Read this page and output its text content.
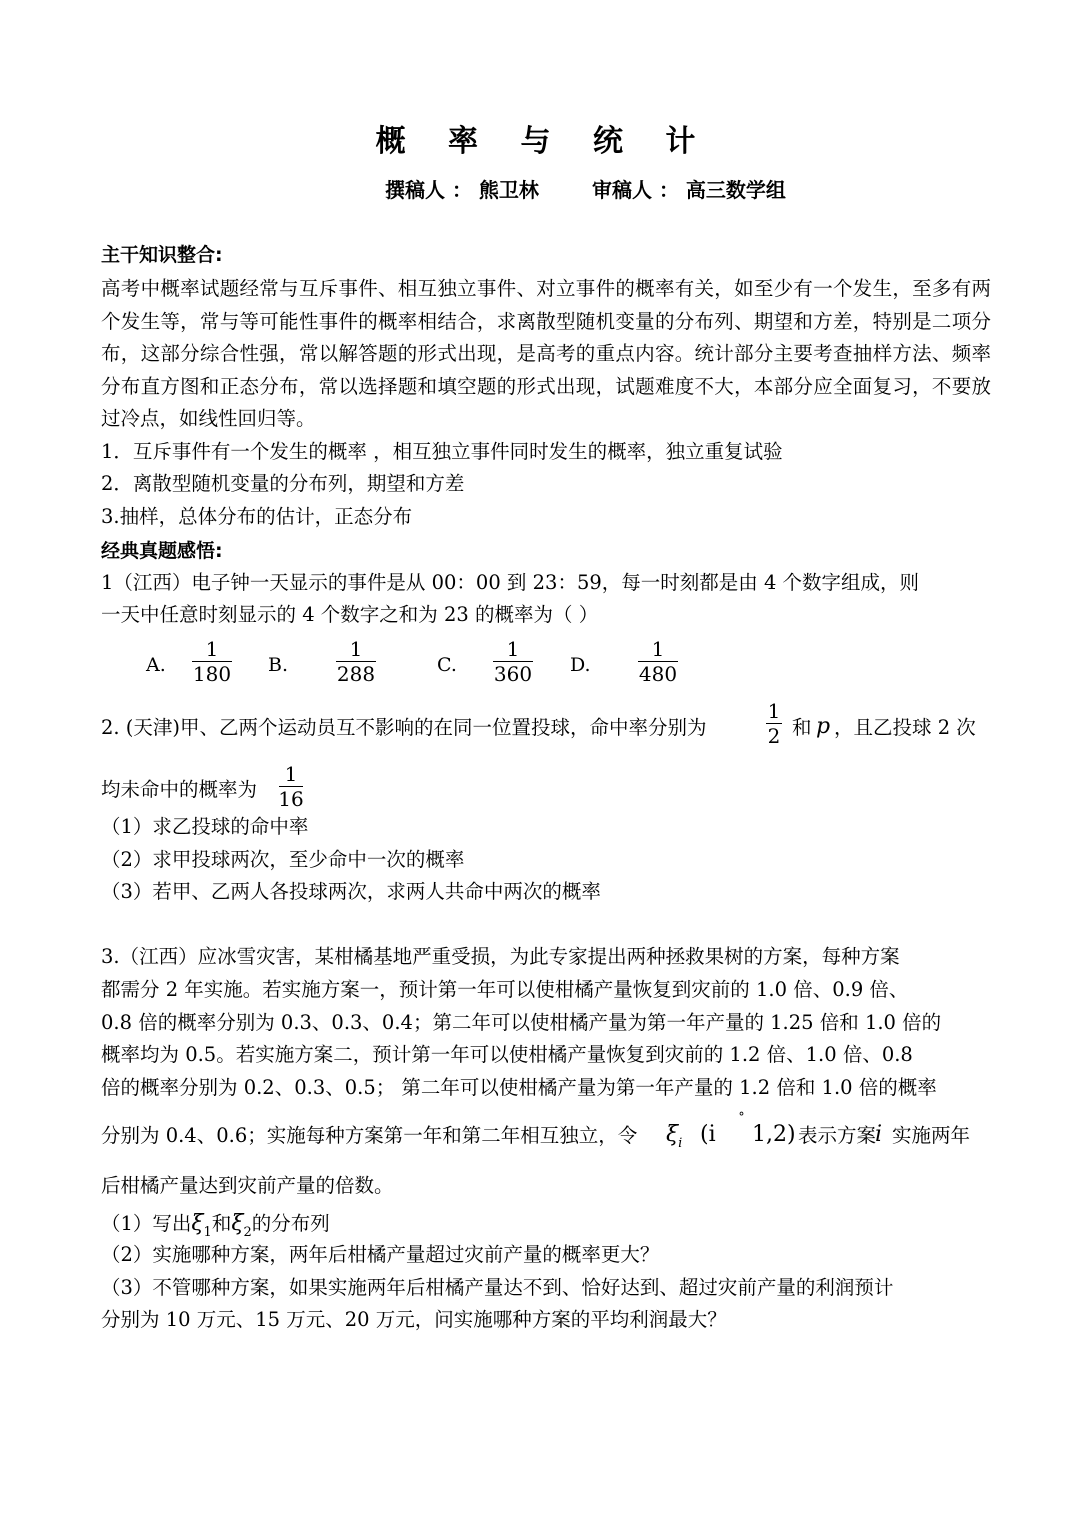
概 率 与 统 计
撰稿人 ： 熊卫林	审稿人 ： 高三数学组
主干知识整合:
高考中概率试题经常与互斥事件、相互独立事件、对立事件的概率有关，如至少有一个发生，至多有两个发生等，常与等可能性事件的概率相结合，求离散型随机变量的分布列、期望和方差，特别是二项分布，这部分综合性强，常以解答题的形式出现，是高考的重点内容。统计部分主要考查抽样方法、频率分布直方图和正态分布，常以选择题和填空题的形式出现，试题难度不大，本部分应全面复习，不要放过冷点，如线性回归等。
1．互斥事件有一个发生的概率 ，相互独立事件同时发生的概率，独立重复试验
2．离散型随机变量的分布列，期望和方差
3.抽样，总体分布的估计，正态分布
经典真题感悟:
1（江西）电子钟一天显示的事件是从 00：00 到 23：59，每一时刻都是由 4 个数字组成，则
一天中任意时刻显示的 4 个数字之和为 23 的概率为（ ）
A.
1
180 B.
1
288	C.
1
360 D.
1
480
2. (天津)甲、乙两个运动员互不影响的在同一位置投球，命中率分别为
1
2 和 p ，且乙投球 2 次
均未命中的概率为
1
16
（1）求乙投球的命中率
（2）求甲投球两次，至少命中一次的概率
（3）若甲、乙两人各投球两次，求两人共命中两次的概率
3.（江西）应冰雪灾害，某柑橘基地严重受损，为此专家提出两种拯救果树的方案，每种方案
都需分 2 年实施。若实施方案一，预计第一年可以使柑橘产量恢复到灾前的 1.0 倍、0.9 倍、
0.8 倍的概率分别为 0.3、0.3、0.4；第二年可以使柑橘产量为第一年产量的 1.25 倍和 1.0 倍的
概率均为 0.5。若实施方案二，预计第一年可以使柑橘产量恢复到灾前的 1.2 倍、1.0 倍、0.8
倍的概率分别为 0.2、0.3、0.5； 第二年可以使柑橘产量为第一年产量的 1.2 倍和 1.0 倍的概率
分别为 0.4、0.6；实施每种方案第一年和第二年相互独立，令 $\xi_i$ (i
˚
1,2) 表示方案
i 实施两年
后柑橘产量达到灾前产量的倍数。
（1）写出$\xi_1$和$\xi_2$的分布列
（2）实施哪种方案，两年后柑橘产量超过灾前产量的概率更大？
（3）不管哪种方案，如果实施两年后柑橘产量达不到、恰好达到、超过灾前产量的利润预计
分别为 10 万元、15 万元、20 万元，问实施哪种方案的平均利润最大？
